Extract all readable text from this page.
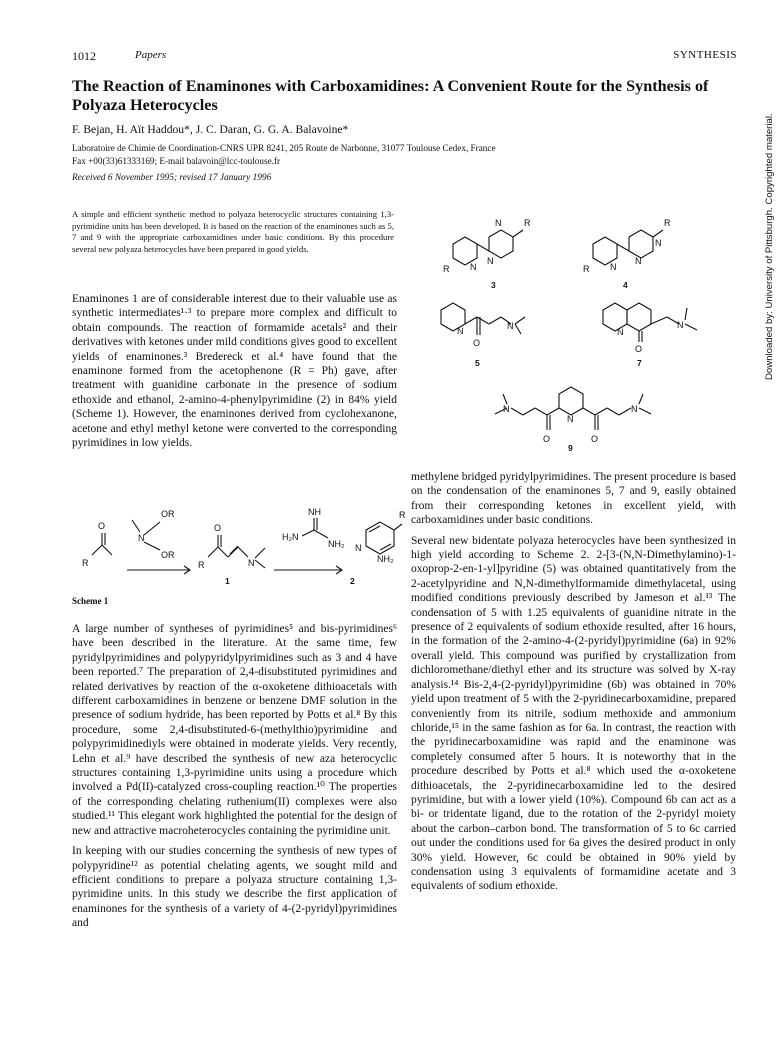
1012	Papers	SYNTHESIS
The Reaction of Enaminones with Carboxamidines: A Convenient Route for the Synthesis of Polyaza Heterocycles
F. Bejan, H. Aït Haddou*, J. C. Daran, G. G. A. Balavoine*
Laboratoire de Chimie de Coordination-CNRS UPR 8241, 205 Route de Narbonne, 31077 Toulouse Cedex, France
Fax +00(33)61333169; E-mail balavoin@lcc-toulouse.fr
Received 6 November 1995; revised 17 January 1996
A simple and efficient synthetic method to polyaza heterocyclic structures containing 1,3-pyrimidine units has been developed. It is based on the reaction of the enaminones such as 5, 7 and 9 with the appropriate carboxamidines under basic conditions. By this procedure several new polyaza heterocycles have been prepared in good yields.

Enaminones 1 are of considerable interest due to their valuable use as synthetic intermediates¹·³ to prepare more complex and difficult to obtain compounds. The reaction of formamide acetals² and their derivatives with ketones under mild conditions gives good to excellent yields of enaminones.³ Bredereck et al.⁴ have found that the enaminone formed from the acetophenone (R = Ph) gave, after treatment with guanidine carbonate in the presence of sodium ethoxide and ethanol, 2-amino-4-phenylpyrimidine (2) in 84% yield (Scheme 1). However, the enaminones derived from cyclohexanone, acetone and ethyl methyl ketone were converted to the corresponding pyrimidines in low yields.

O
R
N
OR
OR
O
R	N
1
NH
H₂N
NH₂
R
N
NH₂
2
Scheme 1

A large number of syntheses of pyrimidines⁵ and bis-pyrimidines⁶ have been described in the literature. At the same time, few pyridylpyrimidines and polypyridylpyrimidines such as 3 and 4 have been reported.⁷ The preparation of 2,4-disubstituted pyrimidines and related derivatives by reaction of the α-oxoketene dithioacetals with different carboxamidines in benzene or benzene DMF solution in the presence of sodium hydride, has been reported by Potts et al.⁸ By this procedure, some 2,4-disubstituted-6-(methylthio)pyrimidine and polypyrimidinediyls were obtained in moderate yields. Very recently, Lehn et al.⁹ have described the synthesis of new aza heterocyclic structures containing 1,3-pyrimidine units using a procedure which involved a Pd(II)-catalyzed cross-coupling reaction.¹⁰ The properties of the corresponding chelating ruthenium(II) complexes were also studied.¹¹ This elegant work highlighted the potential for the design of new and attractive macroheterocycles containing the pyrimidine unit.

In keeping with our studies concerning the synthesis of new types of polypyridine¹² as potential chelating agents, we sought mild and efficient conditions to prepare a polyaza structure containing 1,3-pyrimidine units. In this study we describe the first application of enaminones for the synthesis of a variety of 4-(2-pyridyl)pyrimidines and

R
R
N
N
N
3
R
R
N
N
N
4
N
N
O
5
N
N
O
7
N	N
N
O	O
9

methylene bridged pyridylpyrimidines. The present procedure is based on the condensation of the enaminones 5, 7 and 9, easily obtained from their corresponding ketones in excellent yield, with carboxamidines under basic conditions.

Several new bidentate polyaza heterocycles have been synthesized in high yield according to Scheme 2. 2-[3-(N,N-Dimethylamino)-1-oxoprop-2-en-1-yl]pyridine (5) was obtained quantitatively from the 2-acetylpyridine and N,N-dimethylformamide dimethylacetal, using modified conditions previously described by Jameson et al.¹³ The condensation of 5 with 1.25 equivalents of guanidine nitrate in the presence of 2 equivalents of sodium ethoxide resulted, after 16 hours, in the formation of the 2-amino-4-(2-pyridyl)pyrimidine (6a) in 92% overall yield. This compound was purified by crystallization from dichloromethane/diethyl ether and its structure was solved by X-ray analysis.¹⁴ Bis-2,4-(2-pyridyl)pyrimidine (6b) was obtained in 70% yield upon treatment of 5 with the 2-pyridinecarboxamidine, prepared conveniently from its nitrile, sodium methoxide and ammonium chloride,¹⁵ in the same fashion as for 6a. In contrast, the reaction with the pyridinecarboxamidine was rapid and the enaminone was completely consumed after 5 hours. It is noteworthy that in the procedure described by Potts et al.⁸ which used the α-oxoketene dithioacetals, the 2-pyridinecarboxamidine led to the desired pyrimidine, but with a lower yield (10%). Compound 6b can act as a bi- or tridentate ligand, due to the rotation of the 2-pyridyl moiety about the carbon–carbon bond. The transformation of 5 to 6c carried out under the conditions used for 6a gives the desired product in only 30% yield. However, 6c could be obtained in 90% yield by condensation using 3 equivalents of formamidine acetate and 3 equivalents of sodium ethoxide.

Downloaded by: University of Pittsburgh. Copyrighted material.
